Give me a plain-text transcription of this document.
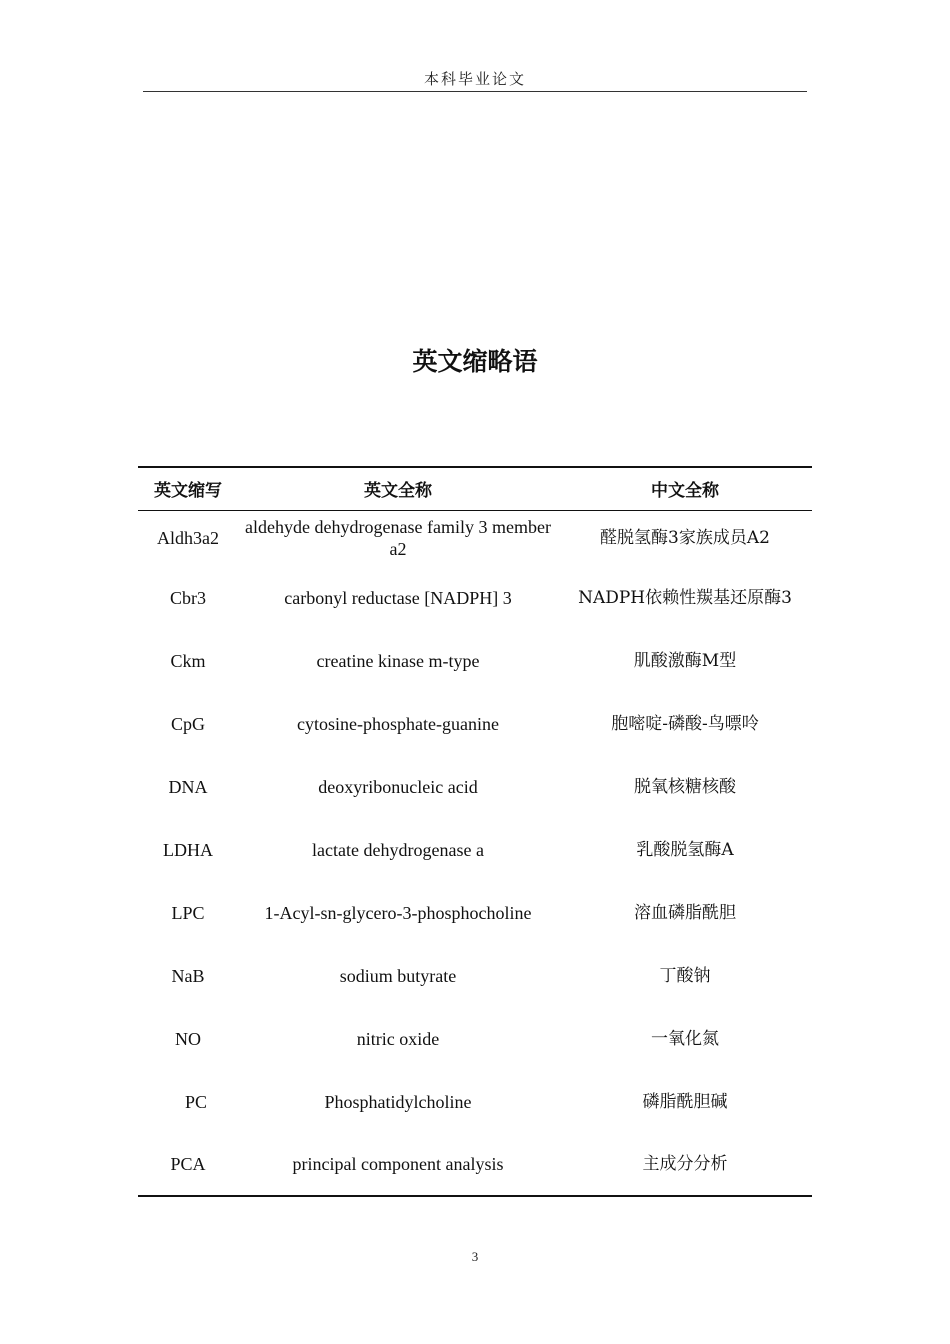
本科毕业论文
英文缩略语
英文缩写	英文全称	中文全称
Aldh3a2	aldehyde dehydrogenase family 3 member a2	醛脱氢酶3家族成员A2
Cbr3	carbonyl reductase [NADPH] 3	NADPH依赖性羰基还原酶3
Ckm	creatine kinase m-type	肌酸激酶M型
CpG	cytosine-phosphate-guanine	胞嘧啶-磷酸-鸟嘌呤
DNA	deoxyribonucleic acid	脱氧核糖核酸
LDHA	lactate dehydrogenase a	乳酸脱氢酶A
LPC	1-Acyl-sn-glycero-3-phosphocholine	溶血磷脂酰胆
NaB	sodium butyrate	丁酸钠
NO	nitric oxide	一氧化氮
PC	Phosphatidylcholine	磷脂酰胆碱
PCA	principal component analysis	主成分分析
3
